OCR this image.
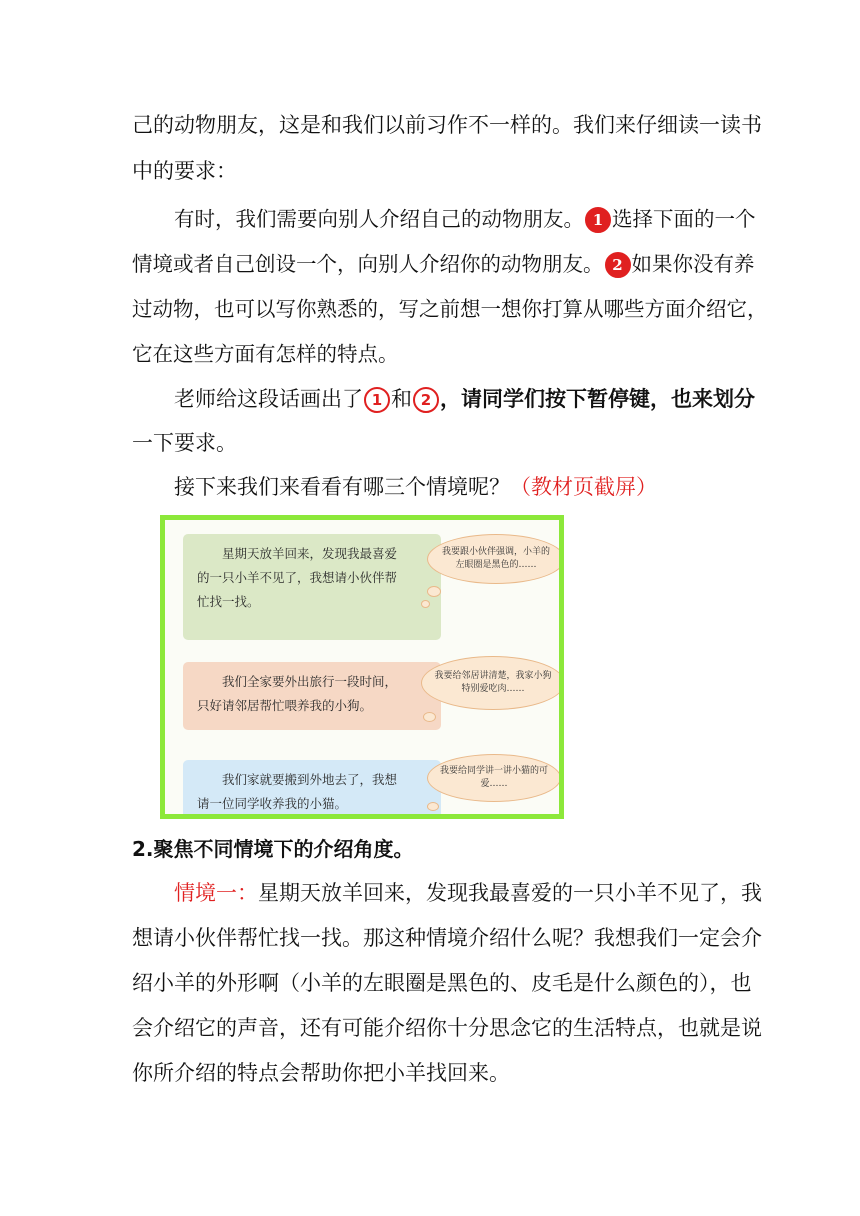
己的动物朋友，这是和我们以前习作不一样的。我们来仔细读一读书
中的要求：
有时，我们需要向别人介绍自己的动物朋友。 1 选择下面的一个
情境或者自己创设一个，向别人介绍你的动物朋友。 2 如果你没有养
过动物，也可以写你熟悉的，写之前想一想你打算从哪些方面介绍它，
它在这些方面有怎样的特点。
老师给这段话画出了 1 和 2 ，请同学们按下暂停键，也来划分
一下要求。
接下来我们来看看有哪三个情境呢？（教材页截屏）

星期天放羊回来，发现我最喜爱

的一只小羊不见了，我想请小伙伴帮

忙找一找。

我要跟小伙伴强调，小羊的左眼圈是黑色的……

我们全家要外出旅行一段时间，

只好请邻居帮忙喂养我的小狗。

我要给邻居讲清楚，我家小狗特别爱吃肉……

我们家就要搬到外地去了，我想

请一位同学收养我的小猫。

我要给同学讲一讲小猫的可爱……
2.聚焦不同情境下的介绍角度。
情境一：星期天放羊回来，发现我最喜爱的一只小羊不见了，我
想请小伙伴帮忙找一找。那这种情境介绍什么呢？我想我们一定会介
绍小羊的外形啊（小羊的左眼圈是黑色的、皮毛是什么颜色的），也
会介绍它的声音，还有可能介绍你十分思念它的生活特点，也就是说
你所介绍的特点会帮助你把小羊找回来。
